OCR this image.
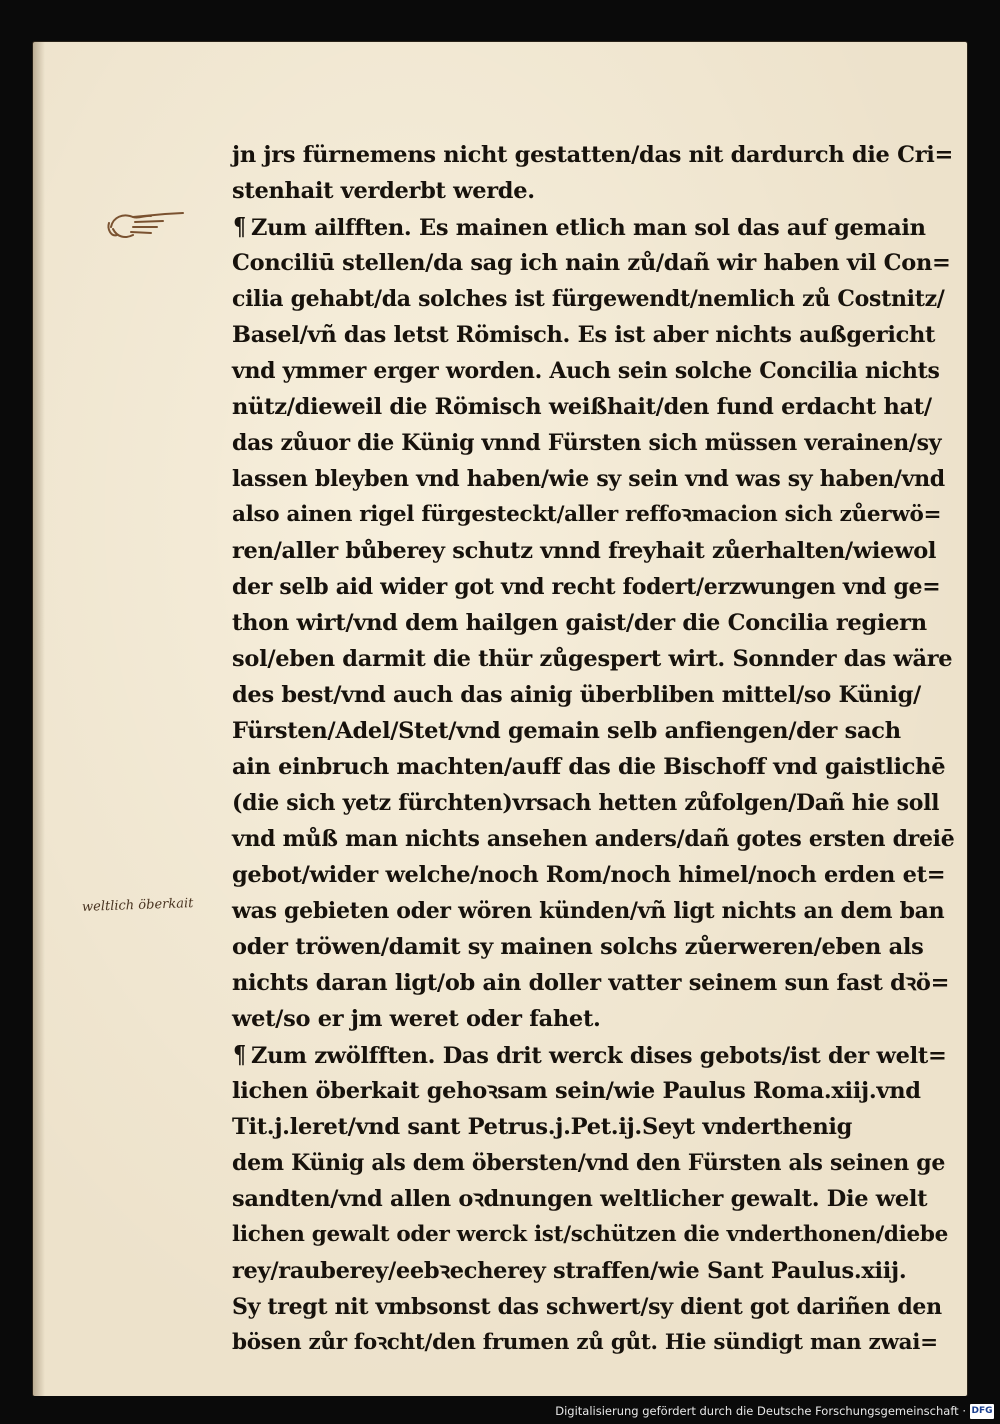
weltlich öberkait
jn jrs fürnemens nicht gestatten/das nit dardurch die Cri=
stenhait verderbt werde.
¶ Zum ailfften. Es mainen etlich man sol das auf gemain
Conciliū stellen/da sag ich nain zů/dañ wir haben vil Con=
cilia gehabt/da solches ist fürgewendt/nemlich zů Costnitz/
Basel/vñ das letst Römisch. Es ist aber nichts außgericht
vnd ymmer erger worden. Auch sein solche Concilia nichts
nütz/dieweil die Römisch weißhait/den fund erdacht hat/
das zůuor die Künig vnnd Fürsten sich müssen verainen/sy
lassen bleyben vnd haben/wie sy sein vnd was sy haben/vnd
also ainen rigel fürgesteckt/aller reffoꝛmacion sich zůerwö=
ren/aller bůberey schutz vnnd freyhait zůerhalten/wiewol
der selb aid wider got vnd recht fodert/erzwungen vnd ge=
thon wirt/vnd dem hailgen gaist/der die Concilia regiern
sol/eben darmit die thür zůgespert wirt. Sonnder das wäre
des best/vnd auch das ainig überbliben mittel/so Künig/
Fürsten/Adel/Stet/vnd gemain selb anfiengen/der sach
ain einbruch machten/auff das die Bischoff vnd gaistlichē
(die sich yetz fürchten)vrsach hetten zůfolgen/Dañ hie soll
vnd můß man nichts ansehen anders/dañ gotes ersten dreiē
gebot/wider welche/noch Rom/noch himel/noch erden et=
was gebieten oder wören künden/vñ ligt nichts an dem ban
oder tröwen/damit sy mainen solchs zůerweren/eben als
nichts daran ligt/ob ain doller vatter seinem sun fast dꝛö=
wet/so er jm weret oder fahet.
¶ Zum zwölfften. Das drit werck dises gebots/ist der welt=
lichen öberkait gehoꝛsam sein/wie Paulus Roma.xiij.vnd
Tit.j.leret/vnd sant Petrus.j.Pet.ij.Seyt vnderthenig
dem Künig als dem öbersten/vnd den Fürsten als seinen ge
sandten/vnd allen oꝛdnungen weltlicher gewalt. Die welt
lichen gewalt oder werck ist/schützen die vnderthonen/diebe
rey/rauberey/eebꝛecherey straffen/wie Sant Paulus.xiij.
Sy tregt nit vmbsonst das schwert/sy dient got dariñen den
bösen zůr foꝛcht/den frumen zů gůt. Hie sündigt man zwai=
Digitalisierung gefördert durch die Deutsche Forschungsgemeinschaft · DFG
